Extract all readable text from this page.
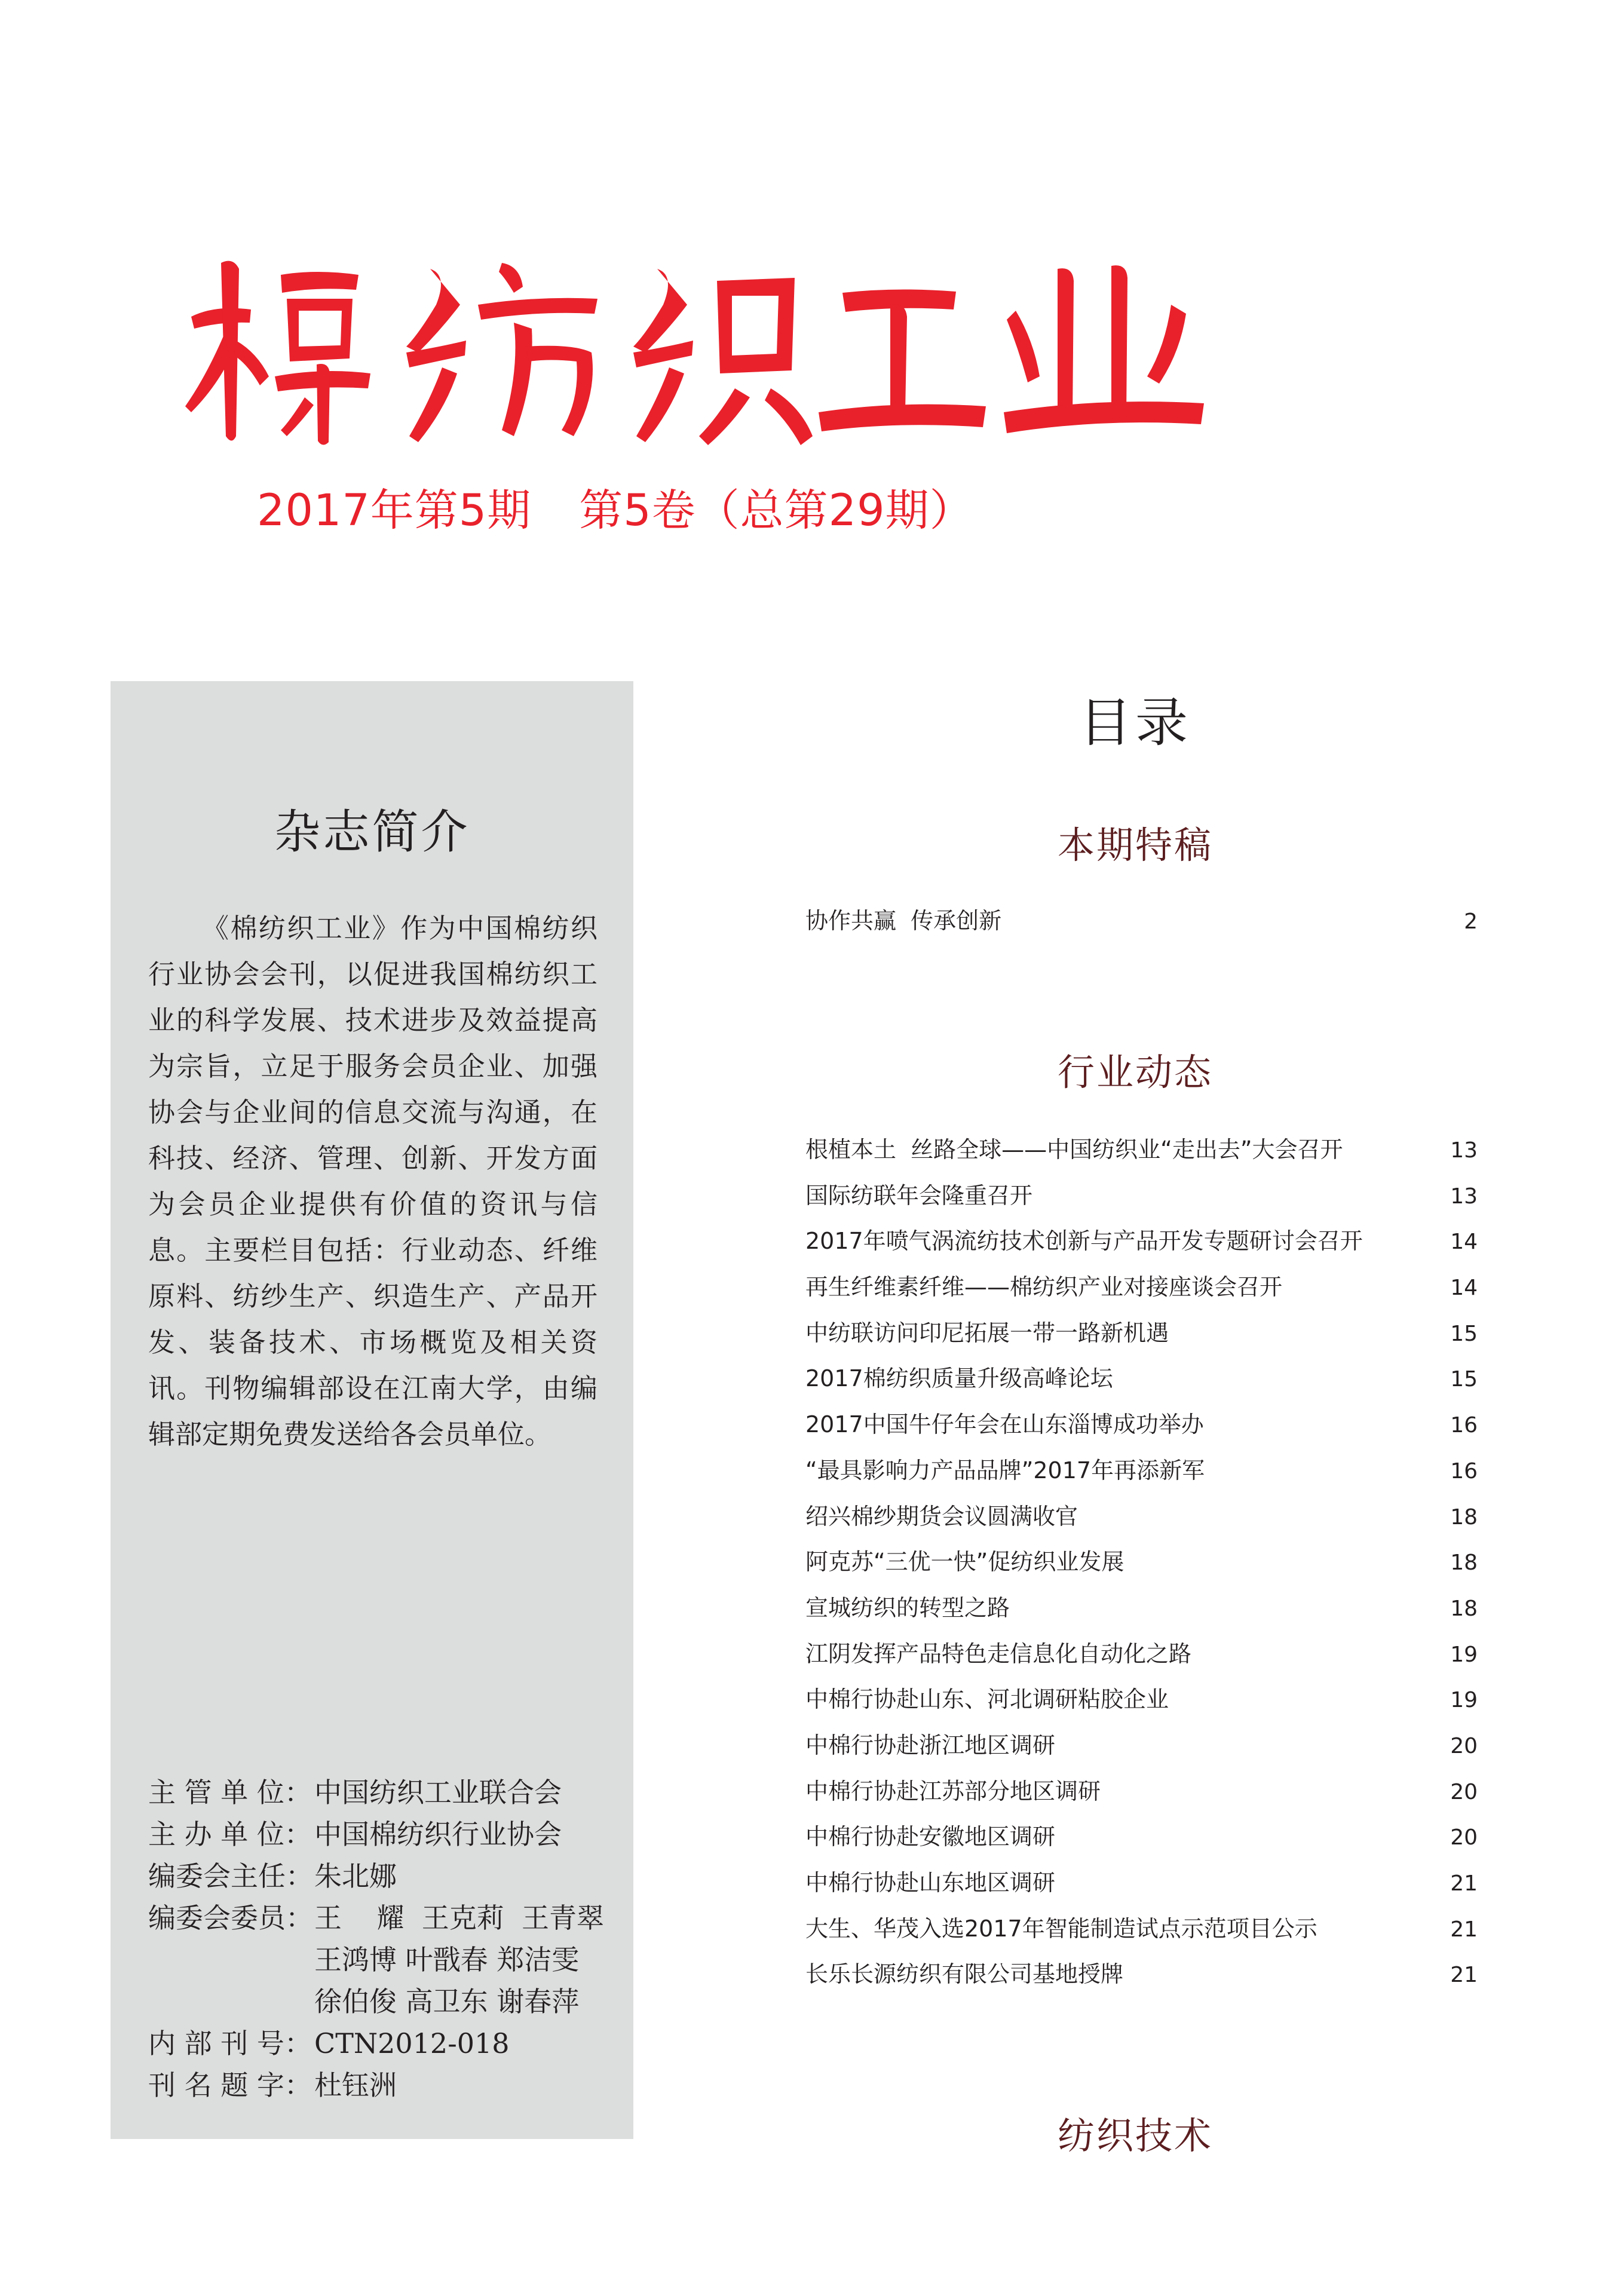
2017年第5期 第5卷（总第29期）
杂志简介

《棉纺织工业》作为中国棉纺织行业协会会刊，以促进我国棉纺织工业的科学发展、技术进步及效益提高为宗旨，立足于服务会员企业、加强协会与企业间的信息交流与沟通，在科技、经济、管理、创新、开发方面为会员企业提供有价值的资讯与信息。主要栏目包括：行业动态、纤维原料、纺纱生产、织造生产、产品开发、装备技术、市场概览及相关资讯。刊物编辑部设在江南大学，由编辑部定期免费发送给各会员单位。

主 管 单 位： 中国纺织工业联合会
主 办 单 位： 中国棉纺织行业协会
编委会主任： 朱北娜
编委会委员： 王    耀  王克莉  王青翠
王鸿博 叶戬春 郑洁雯
徐伯俊 高卫东 谢春萍
内 部 刊 号： CTN2012-018
刊 名 题 字： 杜钰洲
目录
本期特稿
协作共赢  传承创新	2
行业动态
根植本土  丝路全球——中国纺织业“走出去”大会召开	13
国际纺联年会隆重召开	13
2017年喷气涡流纺技术创新与产品开发专题研讨会召开	14
再生纤维素纤维——棉纺织产业对接座谈会召开	14
中纺联访问印尼拓展一带一路新机遇	15
2017棉纺织质量升级高峰论坛	15
2017中国牛仔年会在山东淄博成功举办	16
“最具影响力产品品牌”2017年再添新军	16
绍兴棉纱期货会议圆满收官	18
阿克苏“三优一快”促纺织业发展	18
宣城纺织的转型之路	18
江阴发挥产品特色走信息化自动化之路	19
中棉行协赴山东、河北调研粘胶企业	19
中棉行协赴浙江地区调研	20
中棉行协赴江苏部分地区调研	20
中棉行协赴安徽地区调研	20
中棉行协赴山东地区调研	21
大生、华茂入选2017年智能制造试点示范项目公示	21
长乐长源纺织有限公司基地授牌	21
纺织技术
